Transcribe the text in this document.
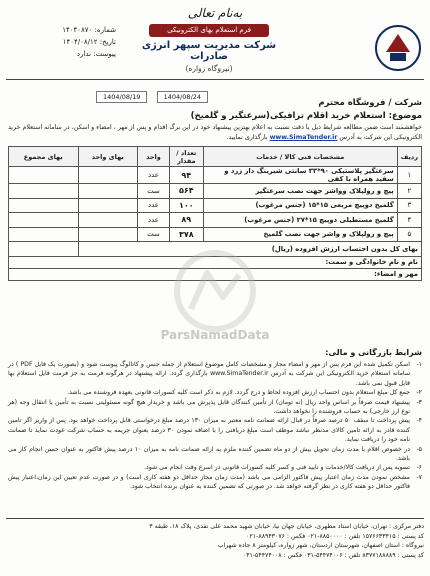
به‌نام تعالی
فرم استعلام بهای الکترونیکی
شرکت مدیریت سپهر انرژی صادرات
(نیروگاه زواره)
شماره: ۱۴۰۴۰۸۷۰
تاریخ: ۱۴۰۴/۰۸/۱۲
پیوست: ندارد
1404/08/24 1404/08/19
شرکت / فروشگاه محترم
موضوع: استعلام خرید اقلام ترافیکی(سرعتگیر و گلمیخ)
خواهشمند است ضمن مطالعه شرایط ذیل با دقت نسبت به اعلام بهترین پیشنهاد خود در این برگ اقدام و پس از مهر ، امضاء و اسکن، در سامانه استعلام خرید الکترونیکی این شرکت به آدرس www.SimaTender.ir بارگذاری نمایید.
ردیف	مشخصات فنی کالا / خدمات	تعداد / مقدار	واحد	بهای واحد	بهای مجموع
۱	سرعتگیر پلاستیکی ۹۰*۳۳ سانتی شیرینگ دار زرد و سفید همراه با کفی	۹۴	عدد		
۲	پیچ و رولپلاک وواشر جهت نصب سرعتگیر	۵۶۴	ست		
۳	گلمیخ دوپیچ مربعی ۱۵*۱۵ (جنس مرغوب)	۱۰۰	عدد		
۴	گلمیخ مستطیلی دوپیچ ۱۵*۲۷ (جنس مرغوب)	۸۹	عدد		
۵	پیچ و رولپلاک و واشر جهت نصب گلمیخ	۳۷۸	ست		
بهای کل بدون احتساب ارزش افزوده (ریال)					
نام و نام خانوادگی و سمت:					
مهر و امضاء:					
ParsNamadData
شرایط بازرگانی و مالی:
۱-
اسکن تکمیل شده این فرم پس از مهر و امضاء مجاز و مشخصات کامل موضوع استعلام از جمله جنس و کاتالوگ پیوست شود و (بصورت یک فایل PDF ) در سامانه استعلام خرید الکترونیکی این شرکت به آدرس www.SimaTender.ir بارگذاری گردد. ارائه پیشنهاد در هرگونه فرمت به جز فرمت فایل استعلام بها قابل قبول نمی باشد.
۲-
جمع کل مبلغ استعلام بدون احتساب ارزش افزوده لحاظ و درج گردد. لازم به ذکر است کلیه کسورات قانونی بعهده فروشنده می باشد.
۳-
پیشنهاد قیمت صرفاً بر اساس واحد ریال (نه تومان) از تأمین کنندگان قابل پذیرش می باشد و خریدار هیچ گونه مسئولیتی نسبت به تأمین یا انتقال وجه (هر نوع ارز خارجی) به حساب فروشنده را نخواهد داشت.
۴-
پیش پرداخت تا سقف ۵۰ درصد صرفاً در قبال ارائه ضمانت نامه معتبر به میزان ۱۳۰ درصد مبلغ درخواستی قابل پرداخت خواهد بود. پس از واریز اگر تامین کننده قادر به ارائه تامین کالای مدنظر نباشد موظف است مبلغ دریافتی را با اضافه نمودن ۳۰ درصد بعنوان جریمه به حساب شرکت عودت نماید تا ضمانت نامه خود را دریافت نماید.
۵-
در خصوص اقلام با مدت زمان تحویل بیش از دو ماه تضمین کننده ملزم به ارائه ضمانت نامه به میزان ۱۰ درصد پیش فاکتور به عنوان حسن انجام کار می باشد.
۶-
تسویه پس از دریافت کالا/خدمات و تایید فنی و کسر کلیه کسورات قانونی در اسرع وقت انجام می شود.
۷-
مشخص نمودن مدت زمان اعتبار پیش فاکتور الزامی می باشد (مدت زمان مجاز حداقل دو هفته کاری است) و در صورت عدم تعیین این زمان،اعتبار پیش فاکتور حداقل دو هفته کاری در نظر گرفته خواهد شد. در صورتی که تضمین کننده به عنوان برنده انتخاب شود.
دفتر مرکزی : تهران، خیابان استاد مطهری، خیابان جهان نیا، خیابان شهید محمد علی نقدی، پلاک ۱۸، طبقه ۴
کد پستی : ۱۵۷۶۶۳۳۴۱۵ تلفن : ۸۸۵۰۰۰۰-۰۲۱ فکس : ۸۸۹۴۳۰۷۶-۰۲۱
نیروگاه : استان اصفهان، شهرستان اردستان، شهر زواره، کیلومتر ۸ جاده شهراب
کد پستی : ۸۳۷۷۱۸۸۸۸۹ تلفن : ۵۴۴۷۴۰۰۶-۰۳۱ فکس : ۵۴۴۷۴۰۰۸-۰۳۱
